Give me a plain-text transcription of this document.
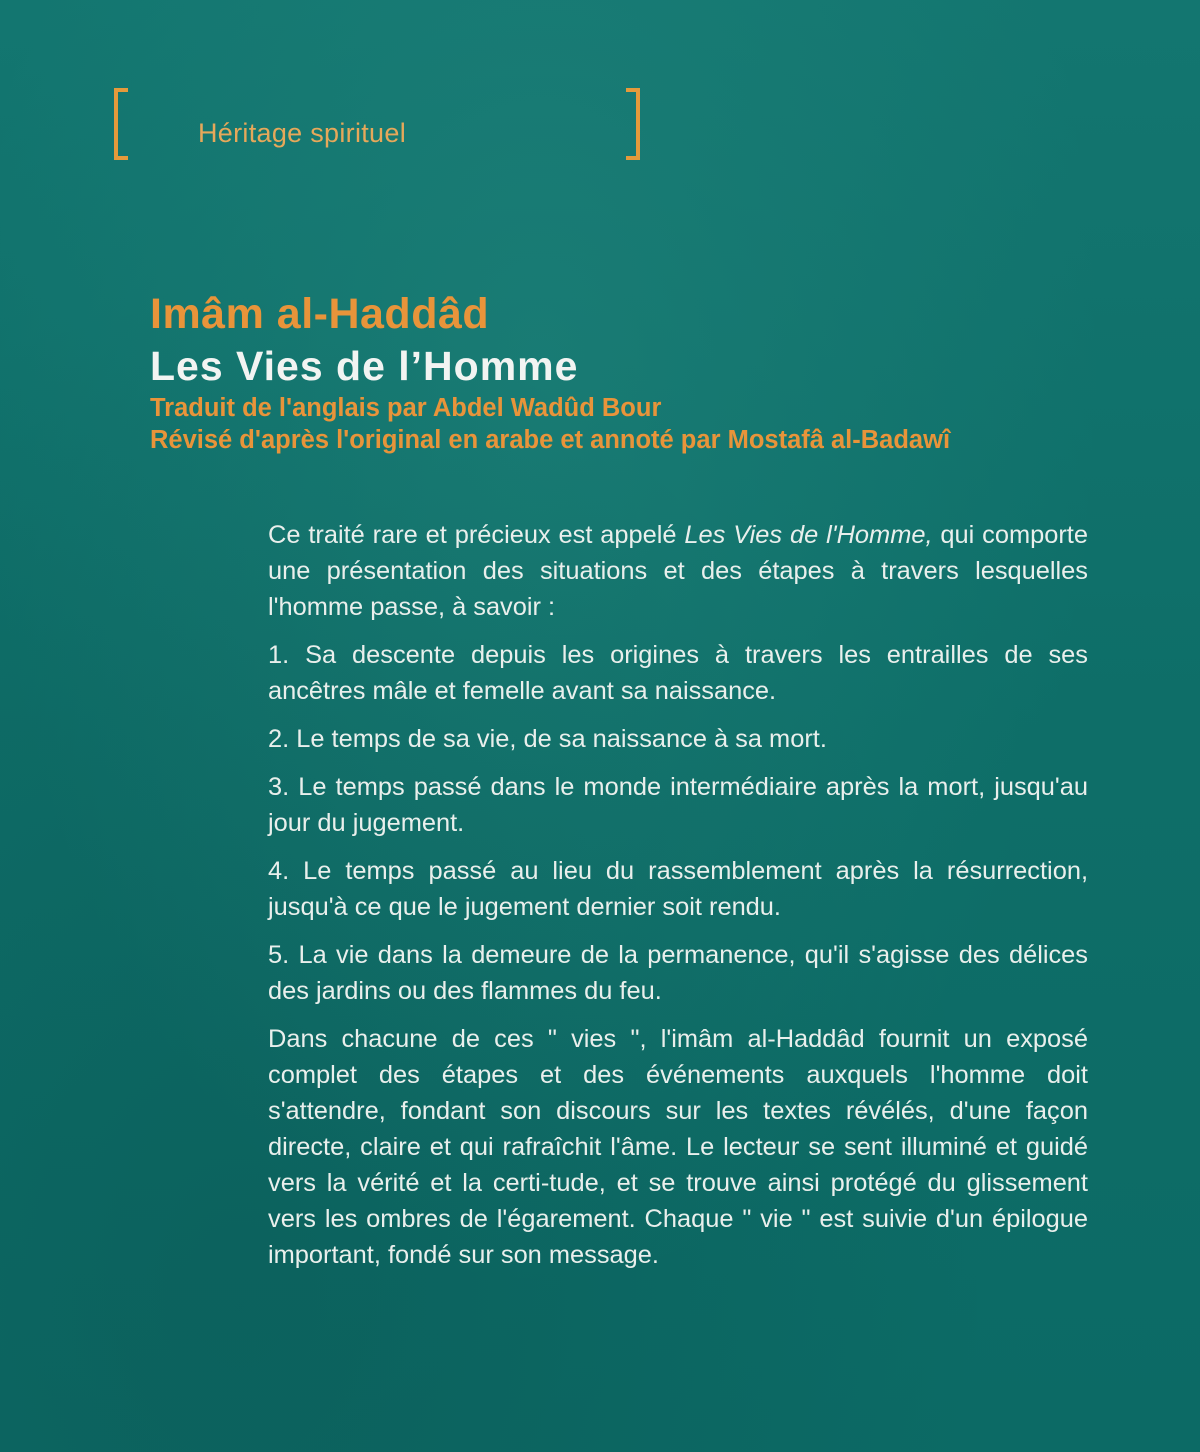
Héritage spirituel
Imâm al-Haddâd
Les Vies de l’Homme
Traduit de l'anglais par Abdel Wadûd Bour
Révisé d'après l'original en arabe et annoté par Mostafâ al-Badawî

Ce traité rare et précieux est appelé Les Vies de l'Homme, qui comporte une présentation des situations et des étapes à travers lesquelles l'homme passe, à savoir :

1. Sa descente depuis les origines à travers les entrailles de ses ancêtres mâle et femelle avant sa naissance.

2. Le temps de sa vie, de sa naissance à sa mort.

3. Le temps passé dans le monde intermédiaire après la mort, jusqu'au jour du jugement.

4. Le temps passé au lieu du rassemblement après la résurrection, jusqu'à ce que le jugement dernier soit rendu.

5. La vie dans la demeure de la permanence, qu'il s'agisse des délices des jardins ou des flammes du feu.

Dans chacune de ces " vies ", l'imâm al-Haddâd fournit un exposé complet des étapes et des événements auxquels l'homme doit s'attendre, fondant son discours sur les textes révélés, d'une façon directe, claire et qui rafraîchit l'âme. Le lecteur se sent illuminé et guidé vers la vérité et la certi-tude, et se trouve ainsi protégé du glissement vers les ombres de l'égarement. Chaque " vie " est suivie d'un épilogue important, fondé sur son message.
